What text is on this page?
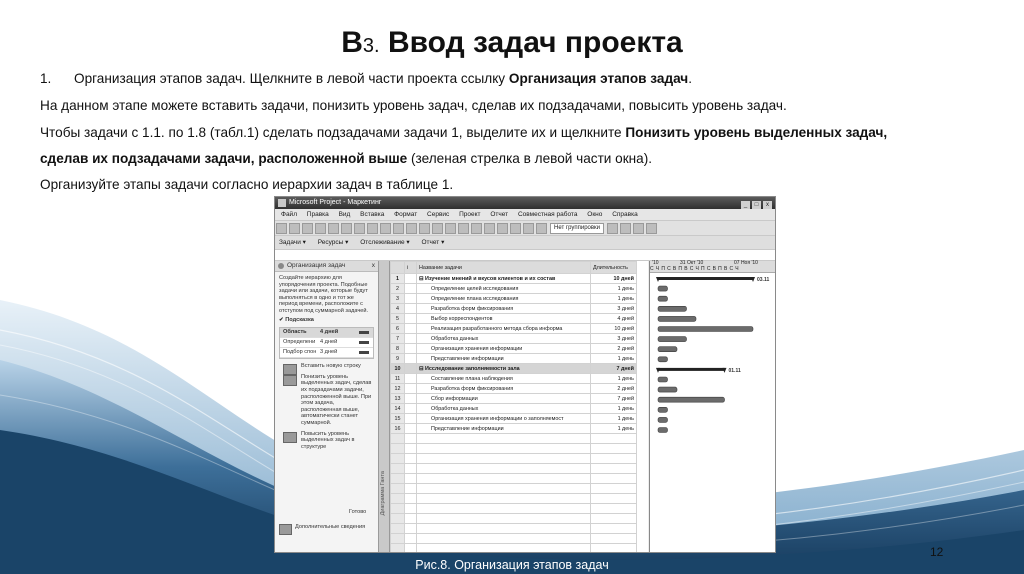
В3. Ввод задач проекта
1. Организация этапов задач. Щелкните в левой части проекта ссылку Организация этапов задач.
На данном этапе можете вставить задачи, понизить уровень задач, сделав их подзадачами, повысить уровень задач.
Чтобы задачи с 1.1. по 1.8 (табл.1) сделать подзадачами задачи 1, выделите их и щелкните Понизить уровень выделенных задач,
сделав их подзадачами задачи, расположенной выше (зеленая стрелка в левой части окна).
Организуйте этапы задачи согласно иерархии задач в таблице 1.
Microsoft Project - Маркетинг	_ □ x
Файл Правка Вид Вставка Формат Сервис Проект Отчет Совместная работа Окно Справка
Нет группировки
Задачи ▾ Ресурсы ▾ Отслеживание ▾ Отчет ▾
Организация задач	x
Создайте иерархию для упорядочения проекта. Подобные задачи или задачи, которые будут выполняться в одно и тот же период времени, расположите с отступом под суммарной задачей.
✔ Подсказка
Область 4 дней
Определени 4 дней
Подбор спон 3 дней
Вставить новую строку
Понизить уровень выделенных задач, сделав их подзадачами задачи, расположенной выше. При этом задача, расположенная выше, автоматически станет суммарной.
Повысить уровень выделенных задач в структуре
Готово
Дополнительные сведения
Диаграмма Ганта
	i	Название задачи	Длительность
1		⊟ Изучение мнений и вкусов клиентов и их состав	10 дней
2		Определение целей исследования	1 день
3		Определение плана исследования	1 день
4		Разработка форм фиксирования	3 дней
5		Выбор корреспондентов	4 дней
6		Реализация разработанного метода сбора информа	10 дней
7		Обработка данных	3 дней
8		Организация хранения информации	2 дней
9		Представление информации	1 день
10		⊟ Исследование заполняемости зала	7 дней
11		Составление плана наблюдения	1 день
12		Разработка форм фиксирования	2 дней
13		Сбор информации	7 дней
14		Обработка данных	1 день
15		Организация хранения информации о заполняемост	1 день
16		Представление информации	1 день

'10	31 Окт '10	07 Ноя '10
С Ч П С В П В С Ч П С В П В С Ч
03.11
01.11
Рис.8. Организация этапов задач
12
